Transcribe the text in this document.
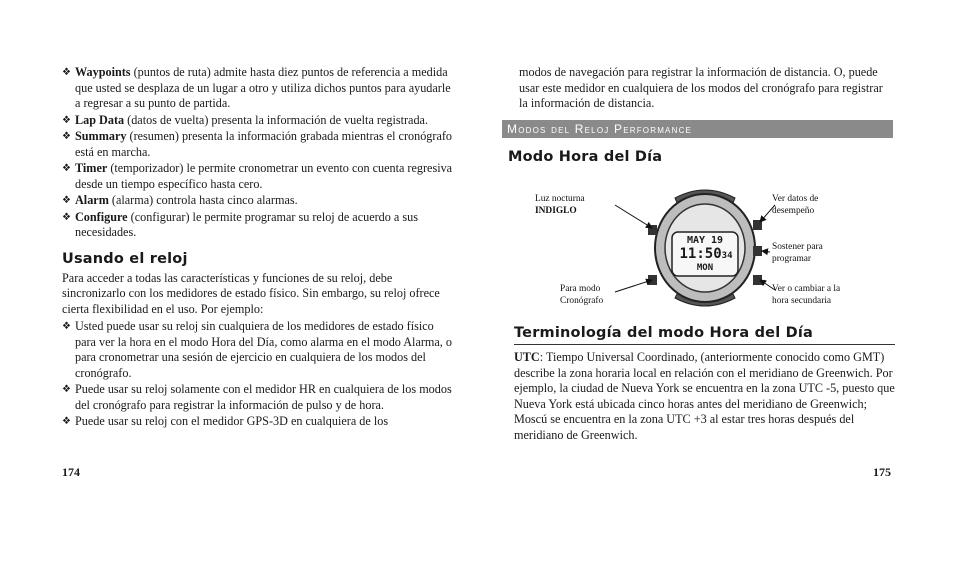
❖ Waypoints (puntos de ruta) admite hasta diez puntos de referencia a medida que usted se desplaza de un lugar a otro y utiliza dichos puntos para ayudarle a regresar a su punto de partida.
❖ Lap Data (datos de vuelta) presenta la información de vuelta registrada.
❖ Summary (resumen) presenta la información grabada mientras el cronógrafo está en marcha.
❖ Timer (temporizador) le permite cronometrar un evento con cuenta regresiva desde un tiempo específico hasta cero.
❖ Alarm (alarma) controla hasta cinco alarmas.
❖ Configure (configurar) le permite programar su reloj de acuerdo a sus necesidades.
Usando el reloj
Para acceder a todas las características y funciones de su reloj, debe sincronizarlo con los medidores de estado físico. Sin embargo, su reloj ofrece cierta flexibilidad en el uso. Por ejemplo:
❖ Usted puede usar su reloj sin cualquiera de los medidores de estado físico para ver la hora en el modo Hora del Día, como alarma en el modo Alarma, o para cronometrar una sesión de ejercicio en cualquiera de los modos del cronógrafo.
❖ Puede usar su reloj solamente con el medidor HR en cualquiera de los modos del cronógrafo para registrar la información de pulso y de hora.
❖ Puede usar su reloj con el medidor GPS-3D en cualquiera de los
174
modos de navegación para registrar la información de distancia. O, puede usar este medidor en cualquiera de los modos del cronógrafo para registrar la información de distancia.
Modos del Reloj Performance
Modo Hora del Día
MAY 19
11:5034
MON
Luz nocturna
INDIGLO
Ver datos de
desempeño
Sostener para
programar
Para modo
Cronógrafo
Ver o cambiar a la
hora secundaria
Terminología del modo Hora del Día
UTC: Tiempo Universal Coordinado, (anteriormente conocido como GMT) describe la zona horaria local en relación con el meridiano de Greenwich. Por ejemplo, la ciudad de Nueva York se encuentra en la zona UTC -5, puesto que Nueva York está ubicada cinco horas antes del meridiano de Greenwich; Moscú se encuentra en la zona UTC +3 al estar tres horas después del meridiano de Greenwich.
175
